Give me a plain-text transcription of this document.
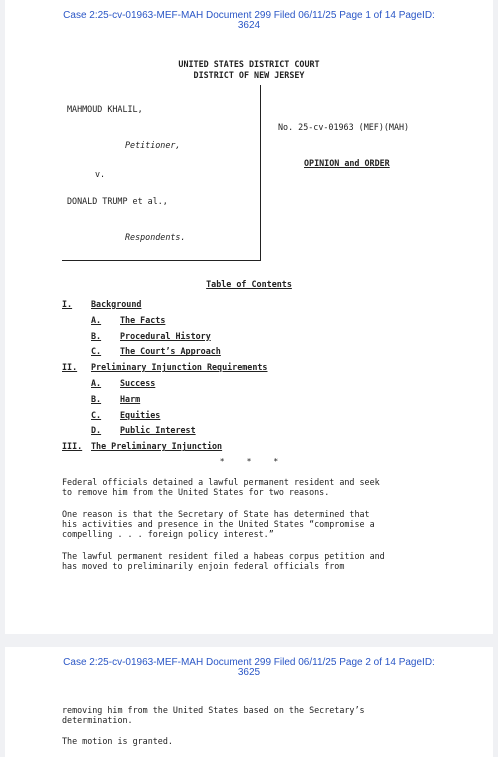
Case 2:25-cv-01963-MEF-MAH Document 299 Filed 06/11/25 Page 1 of 14 PageID:
3624
UNITED STATES DISTRICT COURT
DISTRICT OF NEW JERSEY
MAHMOUD KHALIL,
Petitioner,
v.
DONALD TRUMP et al.,
Respondents.
No. 25-cv-01963 (MEF)(MAH)
OPINION and ORDER
Table of Contents
I. Background
A. The Facts
B. Procedural History
C. The Court’s Approach
II. Preliminary Injunction Requirements
A. Success
B. Harm
C. Equities
D. Public Interest
III. The Preliminary Injunction
*	*	*
Federal officials detained a lawful permanent resident and seek
to remove him from the United States for two reasons.
One reason is that the Secretary of State has determined that
his activities and presence in the United States “compromise a
compelling . . . foreign policy interest.”
The lawful permanent resident filed a habeas corpus petition and
has moved to preliminarily enjoin federal officials from
Case 2:25-cv-01963-MEF-MAH Document 299 Filed 06/11/25 Page 2 of 14 PageID:
3625
removing him from the United States based on the Secretary’s
determination.
The motion is granted.
